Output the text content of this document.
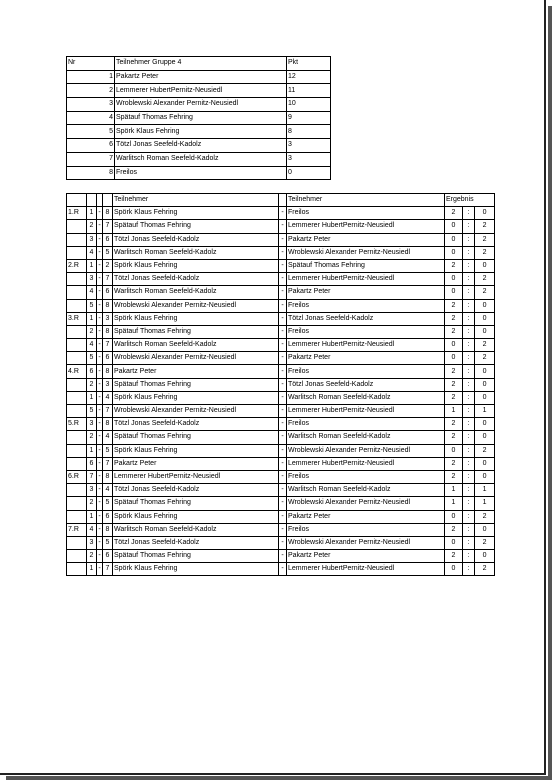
Nr	Teilnehmer Gruppe 4	Pkt
1	Pakartz Peter	12
2	Lemmerer HubertPernitz-Neusiedl	11
3	Wroblewski Alexander Pernitz-Neusiedl	10
4	Spätauf Thomas Fehring	9
5	Spörk Klaus Fehring	8
6	Tötzl Jonas Seefeld-Kadolz	3
7	Warlitsch Roman Seefeld-Kadolz	3
8	Freilos	0
				Teilnehmer		Teilnehmer	Ergebnis		
1.R	1	-	8	Spörk Klaus Fehring	-	Freilos	2	:	0
	2	-	7	Spätauf Thomas Fehring	-	Lemmerer HubertPernitz-Neusiedl	0	:	2
	3	-	6	Tötzl Jonas Seefeld-Kadolz	-	Pakartz Peter	0	:	2
	4	-	5	Warlitsch Roman Seefeld-Kadolz	-	Wroblewski Alexander Pernitz-Neusiedl	0	:	2
2.R	1	-	2	Spörk Klaus Fehring	-	Spätauf Thomas Fehring	2	:	0
	3	-	7	Tötzl Jonas Seefeld-Kadolz	-	Lemmerer HubertPernitz-Neusiedl	0	:	2
	4	-	6	Warlitsch Roman Seefeld-Kadolz	-	Pakartz Peter	0	:	2
	5	-	8	Wroblewski Alexander Pernitz-Neusiedl	-	Freilos	2	:	0
3.R	1	-	3	Spörk Klaus Fehring	-	Tötzl Jonas Seefeld-Kadolz	2	:	0
	2	-	8	Spätauf Thomas Fehring	-	Freilos	2	:	0
	4	-	7	Warlitsch Roman Seefeld-Kadolz	-	Lemmerer HubertPernitz-Neusiedl	0	:	2
	5	-	6	Wroblewski Alexander Pernitz-Neusiedl	-	Pakartz Peter	0	:	2
4.R	6	-	8	Pakartz Peter	-	Freilos	2	:	0
	2	-	3	Spätauf Thomas Fehring	-	Tötzl Jonas Seefeld-Kadolz	2	:	0
	1	-	4	Spörk Klaus Fehring	-	Warlitsch Roman Seefeld-Kadolz	2	:	0
	5	-	7	Wroblewski Alexander Pernitz-Neusiedl	-	Lemmerer HubertPernitz-Neusiedl	1	:	1
5.R	3	-	8	Tötzl Jonas Seefeld-Kadolz	-	Freilos	2	:	0
	2	-	4	Spätauf Thomas Fehring	-	Warlitsch Roman Seefeld-Kadolz	2	:	0
	1	-	5	Spörk Klaus Fehring	-	Wroblewski Alexander Pernitz-Neusiedl	0	:	2
	6	-	7	Pakartz Peter	-	Lemmerer HubertPernitz-Neusiedl	2	:	0
6.R	7	-	8	Lemmerer HubertPernitz-Neusiedl	-	Freilos	2	:	0
	3	-	4	Tötzl Jonas Seefeld-Kadolz	-	Warlitsch Roman Seefeld-Kadolz	1	:	1
	2	-	5	Spätauf Thomas Fehring	-	Wroblewski Alexander Pernitz-Neusiedl	1	:	1
	1	-	6	Spörk Klaus Fehring	-	Pakartz Peter	0	:	2
7.R	4	-	8	Warlitsch Roman Seefeld-Kadolz	-	Freilos	2	:	0
	3	-	5	Tötzl Jonas Seefeld-Kadolz	-	Wroblewski Alexander Pernitz-Neusiedl	0	:	2
	2	-	6	Spätauf Thomas Fehring	-	Pakartz Peter	2	:	0
	1	-	7	Spörk Klaus Fehring	-	Lemmerer HubertPernitz-Neusiedl	0	:	2
